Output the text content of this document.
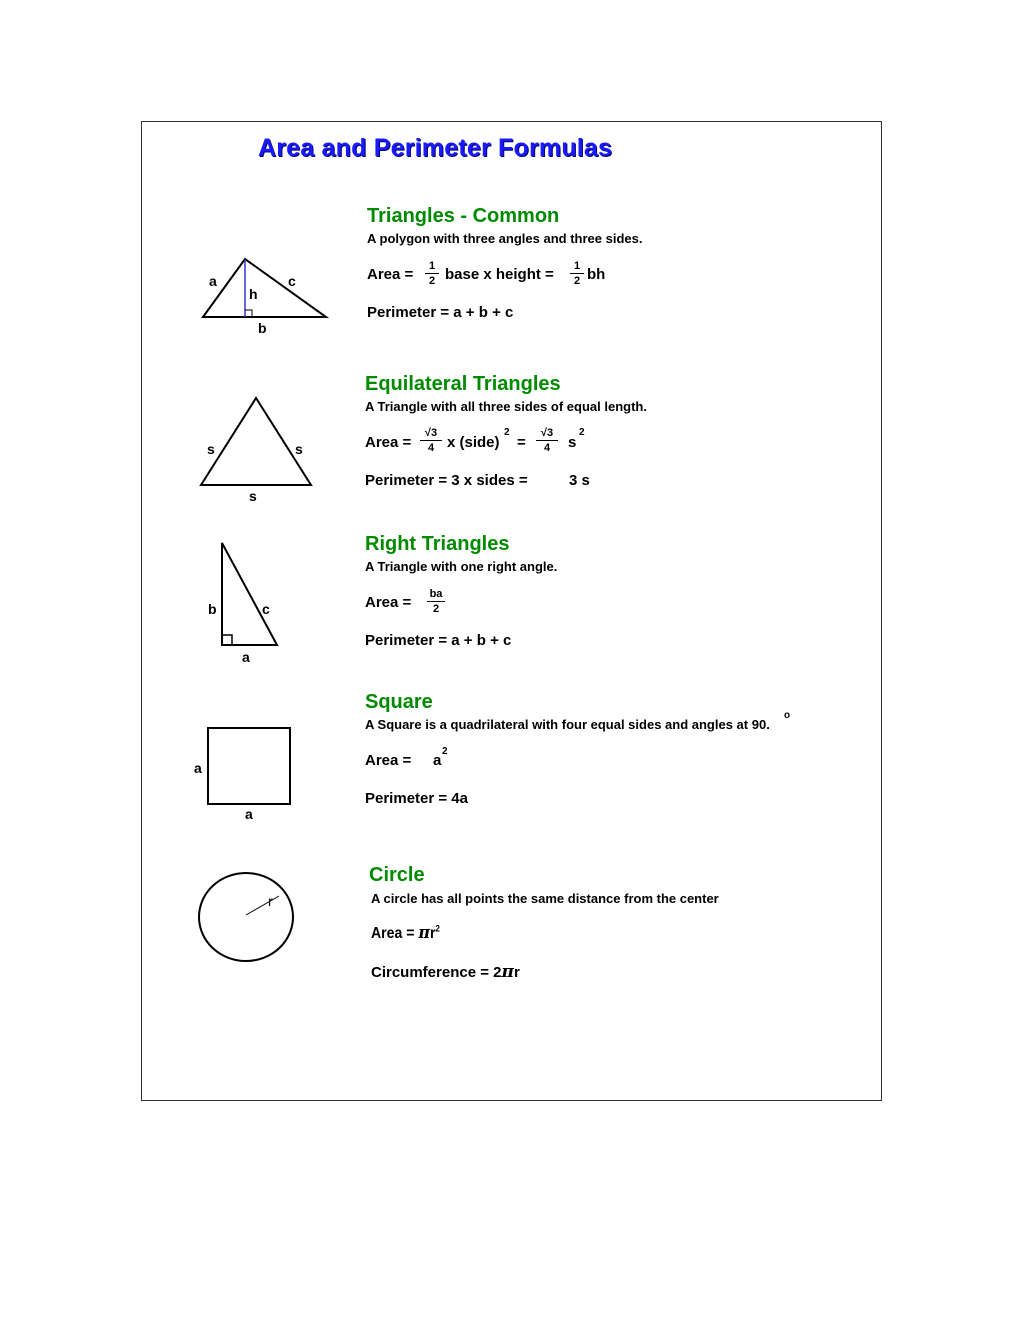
Area and Perimeter Formulas
a	c
h
b
Triangles - Common
A polygon with three angles and three sides.
Area =	1
2 base x height =	1
2 bh
Perimeter = a + b + c
s	s
s
Equilateral Triangles
A Triangle with all three sides of equal length.
Area =
√3
4 x (side)
2
=
√3
4	s
2
Perimeter = 3 x sides =	3 s
b	c
a
Right Triangles
A Triangle with one right angle.
Area = ba
2
Perimeter = a + b + c
a
a
Square
A Square is a quadrilateral with four equal sides and angles at 90.
o
Area = a
2
Perimeter = 4a
r
Circle
A circle has all points the same distance from the center
Area = $\pi r^2$
Circumference = 2πr
